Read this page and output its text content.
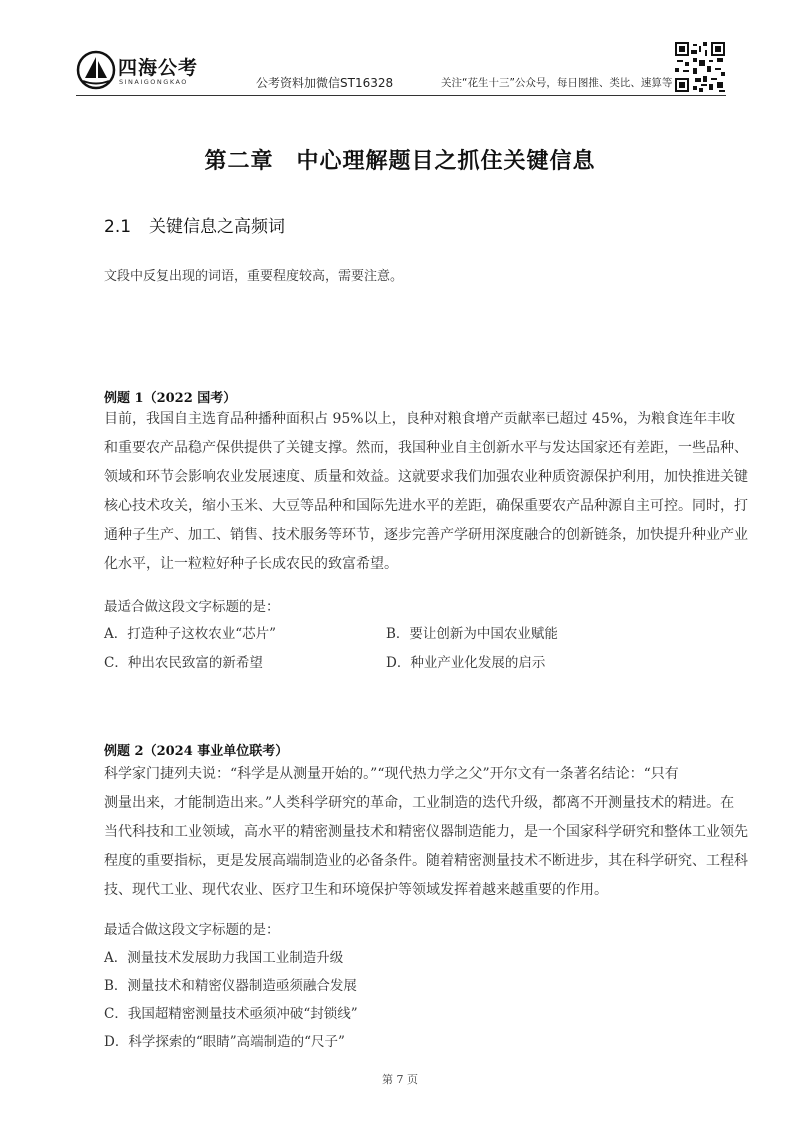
四海公考
SINAIGONGKAO	公考资料加微信ST16328	关注“花生十三”公众号，每日图推、类比、速算等
第二章　中心理解题目之抓住关键信息
2.1 关键信息之高频词
文段中反复出现的词语，重要程度较高，需要注意。
例题 1（2022 国考）
目前，我国自主选育品种播种面积占 95%以上，良种对粮食增产贡献率已超过 45%，为粮食连年丰收
和重要农产品稳产保供提供了关键支撑。然而，我国种业自主创新水平与发达国家还有差距，一些品种、
领域和环节会影响农业发展速度、质量和效益。这就要求我们加强农业种质资源保护利用，加快推进关键
核心技术攻关，缩小玉米、大豆等品种和国际先进水平的差距，确保重要农产品种源自主可控。同时，打
通种子生产、加工、销售、技术服务等环节，逐步完善产学研用深度融合的创新链条，加快提升种业产业
化水平，让一粒粒好种子长成农民的致富希望。
最适合做这段文字标题的是：
A．打造种子这枚农业“芯片”	B．要让创新为中国农业赋能
C．种出农民致富的新希望	D．种业产业化发展的启示
例题 2（2024 事业单位联考）
科学家门捷列夫说：“科学是从测量开始的。”“现代热力学之父”开尔文有一条著名结论：“只有
测量出来，才能制造出来。”人类科学研究的革命，工业制造的迭代升级，都离不开测量技术的精进。在
当代科技和工业领域，高水平的精密测量技术和精密仪器制造能力，是一个国家科学研究和整体工业领先
程度的重要指标，更是发展高端制造业的必备条件。随着精密测量技术不断进步，其在科学研究、工程科
技、现代工业、现代农业、医疗卫生和环境保护等领域发挥着越来越重要的作用。
最适合做这段文字标题的是：
A．测量技术发展助力我国工业制造升级
B．测量技术和精密仪器制造亟须融合发展
C．我国超精密测量技术亟须冲破“封锁线”
D．科学探索的“眼睛”高端制造的“尺子”
第 7 页
